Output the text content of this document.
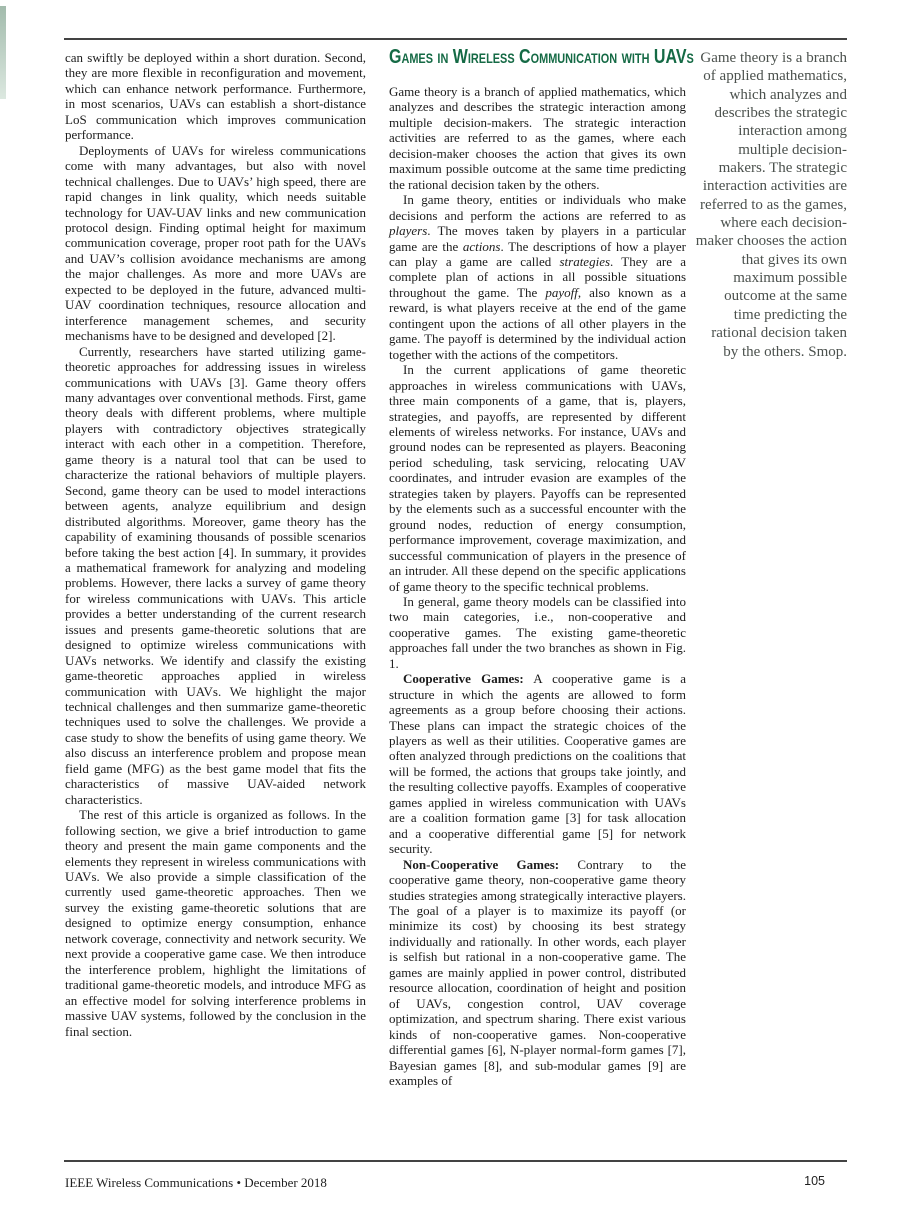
can swiftly be deployed within a short duration. Second, they are more flexible in reconfiguration and movement, which can enhance network performance. Furthermore, in most scenarios, UAVs can establish a short-distance LoS communication which improves communication performance.

Deployments of UAVs for wireless communications come with many advantages, but also with novel technical challenges. Due to UAVs’ high speed, there are rapid changes in link quality, which needs suitable technology for UAV-UAV links and new communication protocol design. Finding optimal height for maximum communication coverage, proper root path for the UAVs and UAV’s collision avoidance mechanisms are among the major challenges. As more and more UAVs are expected to be deployed in the future, advanced multi-UAV coordination techniques, resource allocation and interference management schemes, and security mechanisms have to be designed and developed [2].

Currently, researchers have started utilizing game-theoretic approaches for addressing issues in wireless communications with UAVs [3]. Game theory offers many advantages over conventional methods. First, game theory deals with different problems, where multiple players with contradictory objectives strategically interact with each other in a competition. Therefore, game theory is a natural tool that can be used to characterize the rational behaviors of multiple players. Second, game theory can be used to model interactions between agents, analyze equilibrium and design distributed algorithms. Moreover, game theory has the capability of examining thousands of possible scenarios before taking the best action [4]. In summary, it provides a mathematical framework for analyzing and modeling problems. However, there lacks a survey of game theory for wireless communications with UAVs. This article provides a better understanding of the current research issues and presents game-theoretic solutions that are designed to optimize wireless communications with UAVs networks. We identify and classify the existing game-theoretic approaches applied in wireless communication with UAVs. We highlight the major technical challenges and then summarize game-theoretic techniques used to solve the challenges. We provide a case study to show the benefits of using game theory. We also discuss an interference problem and propose mean field game (MFG) as the best game model that fits the characteristics of massive UAV-aided network characteristics.

The rest of this article is organized as follows. In the following section, we give a brief introduction to game theory and present the main game components and the elements they represent in wireless communications with UAVs. We also provide a simple classification of the currently used game-theoretic approaches. Then we survey the existing game-theoretic solutions that are designed to optimize energy consumption, enhance network coverage, connectivity and network security. We next provide a cooperative game case. We then introduce the interference problem, highlight the limitations of traditional game-theoretic models, and introduce MFG as an effective model for solving interference problems in massive UAV systems, followed by the conclusion in the final section.

Games in Wireless Communication with UAVs

Game theory is a branch of applied mathematics, which analyzes and describes the strategic interaction among multiple decision-makers. The strategic interaction activities are referred to as the games, where each decision-maker chooses the action that gives its own maximum possible outcome at the same time predicting the rational decision taken by the others.

In game theory, entities or individuals who make decisions and perform the actions are referred to as players. The moves taken by players in a particular game are the actions. The descriptions of how a player can play a game are called strategies. They are a complete plan of actions in all possible situations throughout the game. The payoff, also known as a reward, is what players receive at the end of the game contingent upon the actions of all other players in the game. The payoff is determined by the individual action together with the actions of the competitors.

In the current applications of game theoretic approaches in wireless communications with UAVs, three main components of a game, that is, players, strategies, and payoffs, are represented by different elements of wireless networks. For instance, UAVs and ground nodes can be represented as players. Beaconing period scheduling, task servicing, relocating UAV coordinates, and intruder evasion are examples of the strategies taken by players. Payoffs can be represented by the elements such as a successful encounter with the ground nodes, reduction of energy consumption, performance improvement, coverage maximization, and successful communication of players in the presence of an intruder. All these depend on the specific applications of game theory to the specific technical problems.

In general, game theory models can be classified into two main categories, i.e., non-cooperative and cooperative games. The existing game-theoretic approaches fall under the two branches as shown in Fig. 1.

Cooperative Games: A cooperative game is a structure in which the agents are allowed to form agreements as a group before choosing their actions. These plans can impact the strategic choices of the players as well as their utilities. Cooperative games are often analyzed through predictions on the coalitions that will be formed, the actions that groups take jointly, and the resulting collective payoffs. Examples of cooperative games applied in wireless communication with UAVs are a coalition formation game [3] for task allocation and a cooperative differential game [5] for network security.

Non-Cooperative Games: Contrary to the cooperative game theory, non-cooperative game theory studies strategies among strategically interactive players. The goal of a player is to maximize its payoff (or minimize its cost) by choosing its best strategy individually and rationally. In other words, each player is selfish but rational in a non-cooperative game. The games are mainly applied in power control, distributed resource allocation, coordination of height and position of UAVs, congestion control, UAV coverage optimization, and spectrum sharing. There exist various kinds of non-cooperative games. Non-cooperative differential games [6], N-player normal-form games [7], Bayesian games [8], and sub-modular games [9] are examples of

Game theory is a branch of applied mathematics, which analyzes and describes the strategic interaction among multiple decision-makers. The strategic interaction activities are referred to as the games, where each decision-maker chooses the action that gives its own maximum possible outcome at the same time predicting the rational decision taken by the others. Smop.
IEEE Wireless Communications • December 2018	105
